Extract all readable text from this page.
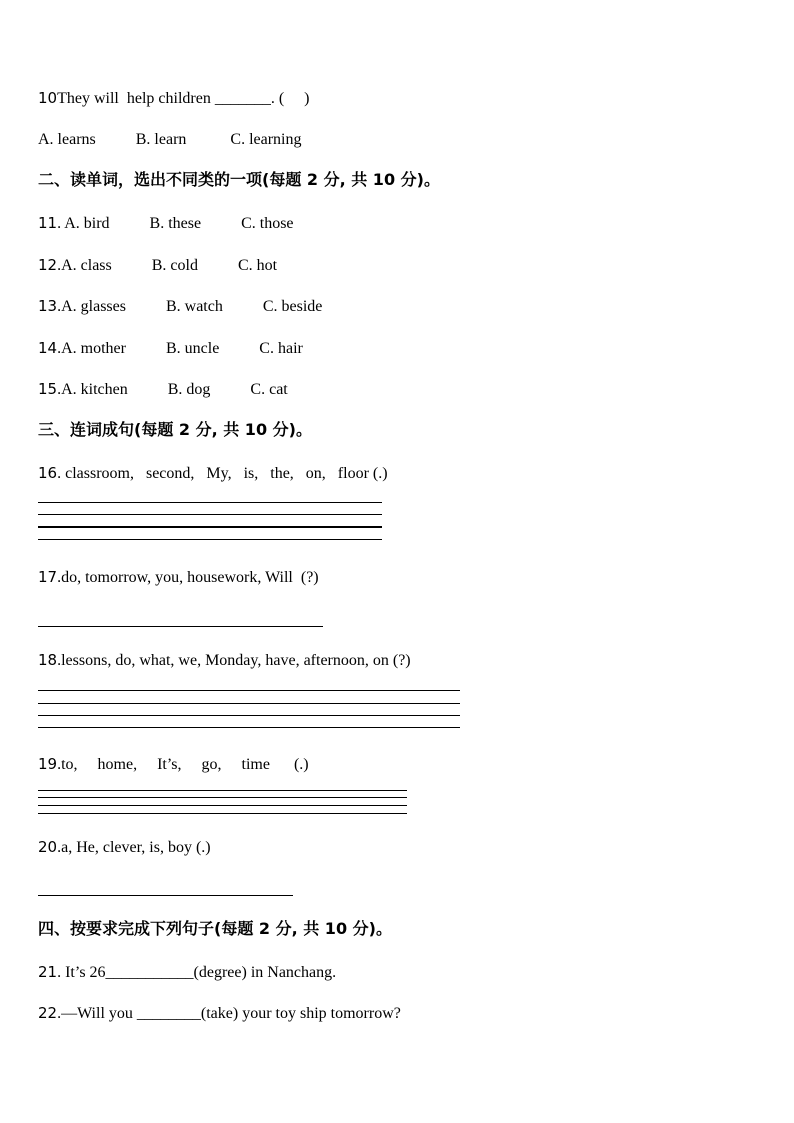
10They will  help children _______. (     )
A. learns          B. learn           C. learning
二、读单词，选出不同类的一项(每题 2 分, 共 10 分)。
11. A. bird          B. these          C. those
12.A. class          B. cold          C. hot
13.A. glasses          B. watch          C. beside
14.A. mother          B. uncle          C. hair
15.A. kitchen          B. dog          C. cat
三、连词成句(每题 2 分, 共 10 分)。
16. classroom,   second,   My,   is,   the,   on,   floor (.)
17.do, tomorrow, you, housework, Will  (?)
18.lessons, do, what, we, Monday, have, afternoon, on (?)
19.to,     home,     It’s,     go,     time      (.)
20.a, He, clever, is, boy (.)
四、按要求完成下列句子(每题 2 分, 共 10 分)。
21. It’s 26___________(degree) in Nanchang.
22.—Will you ________(take) your toy ship tomorrow?
